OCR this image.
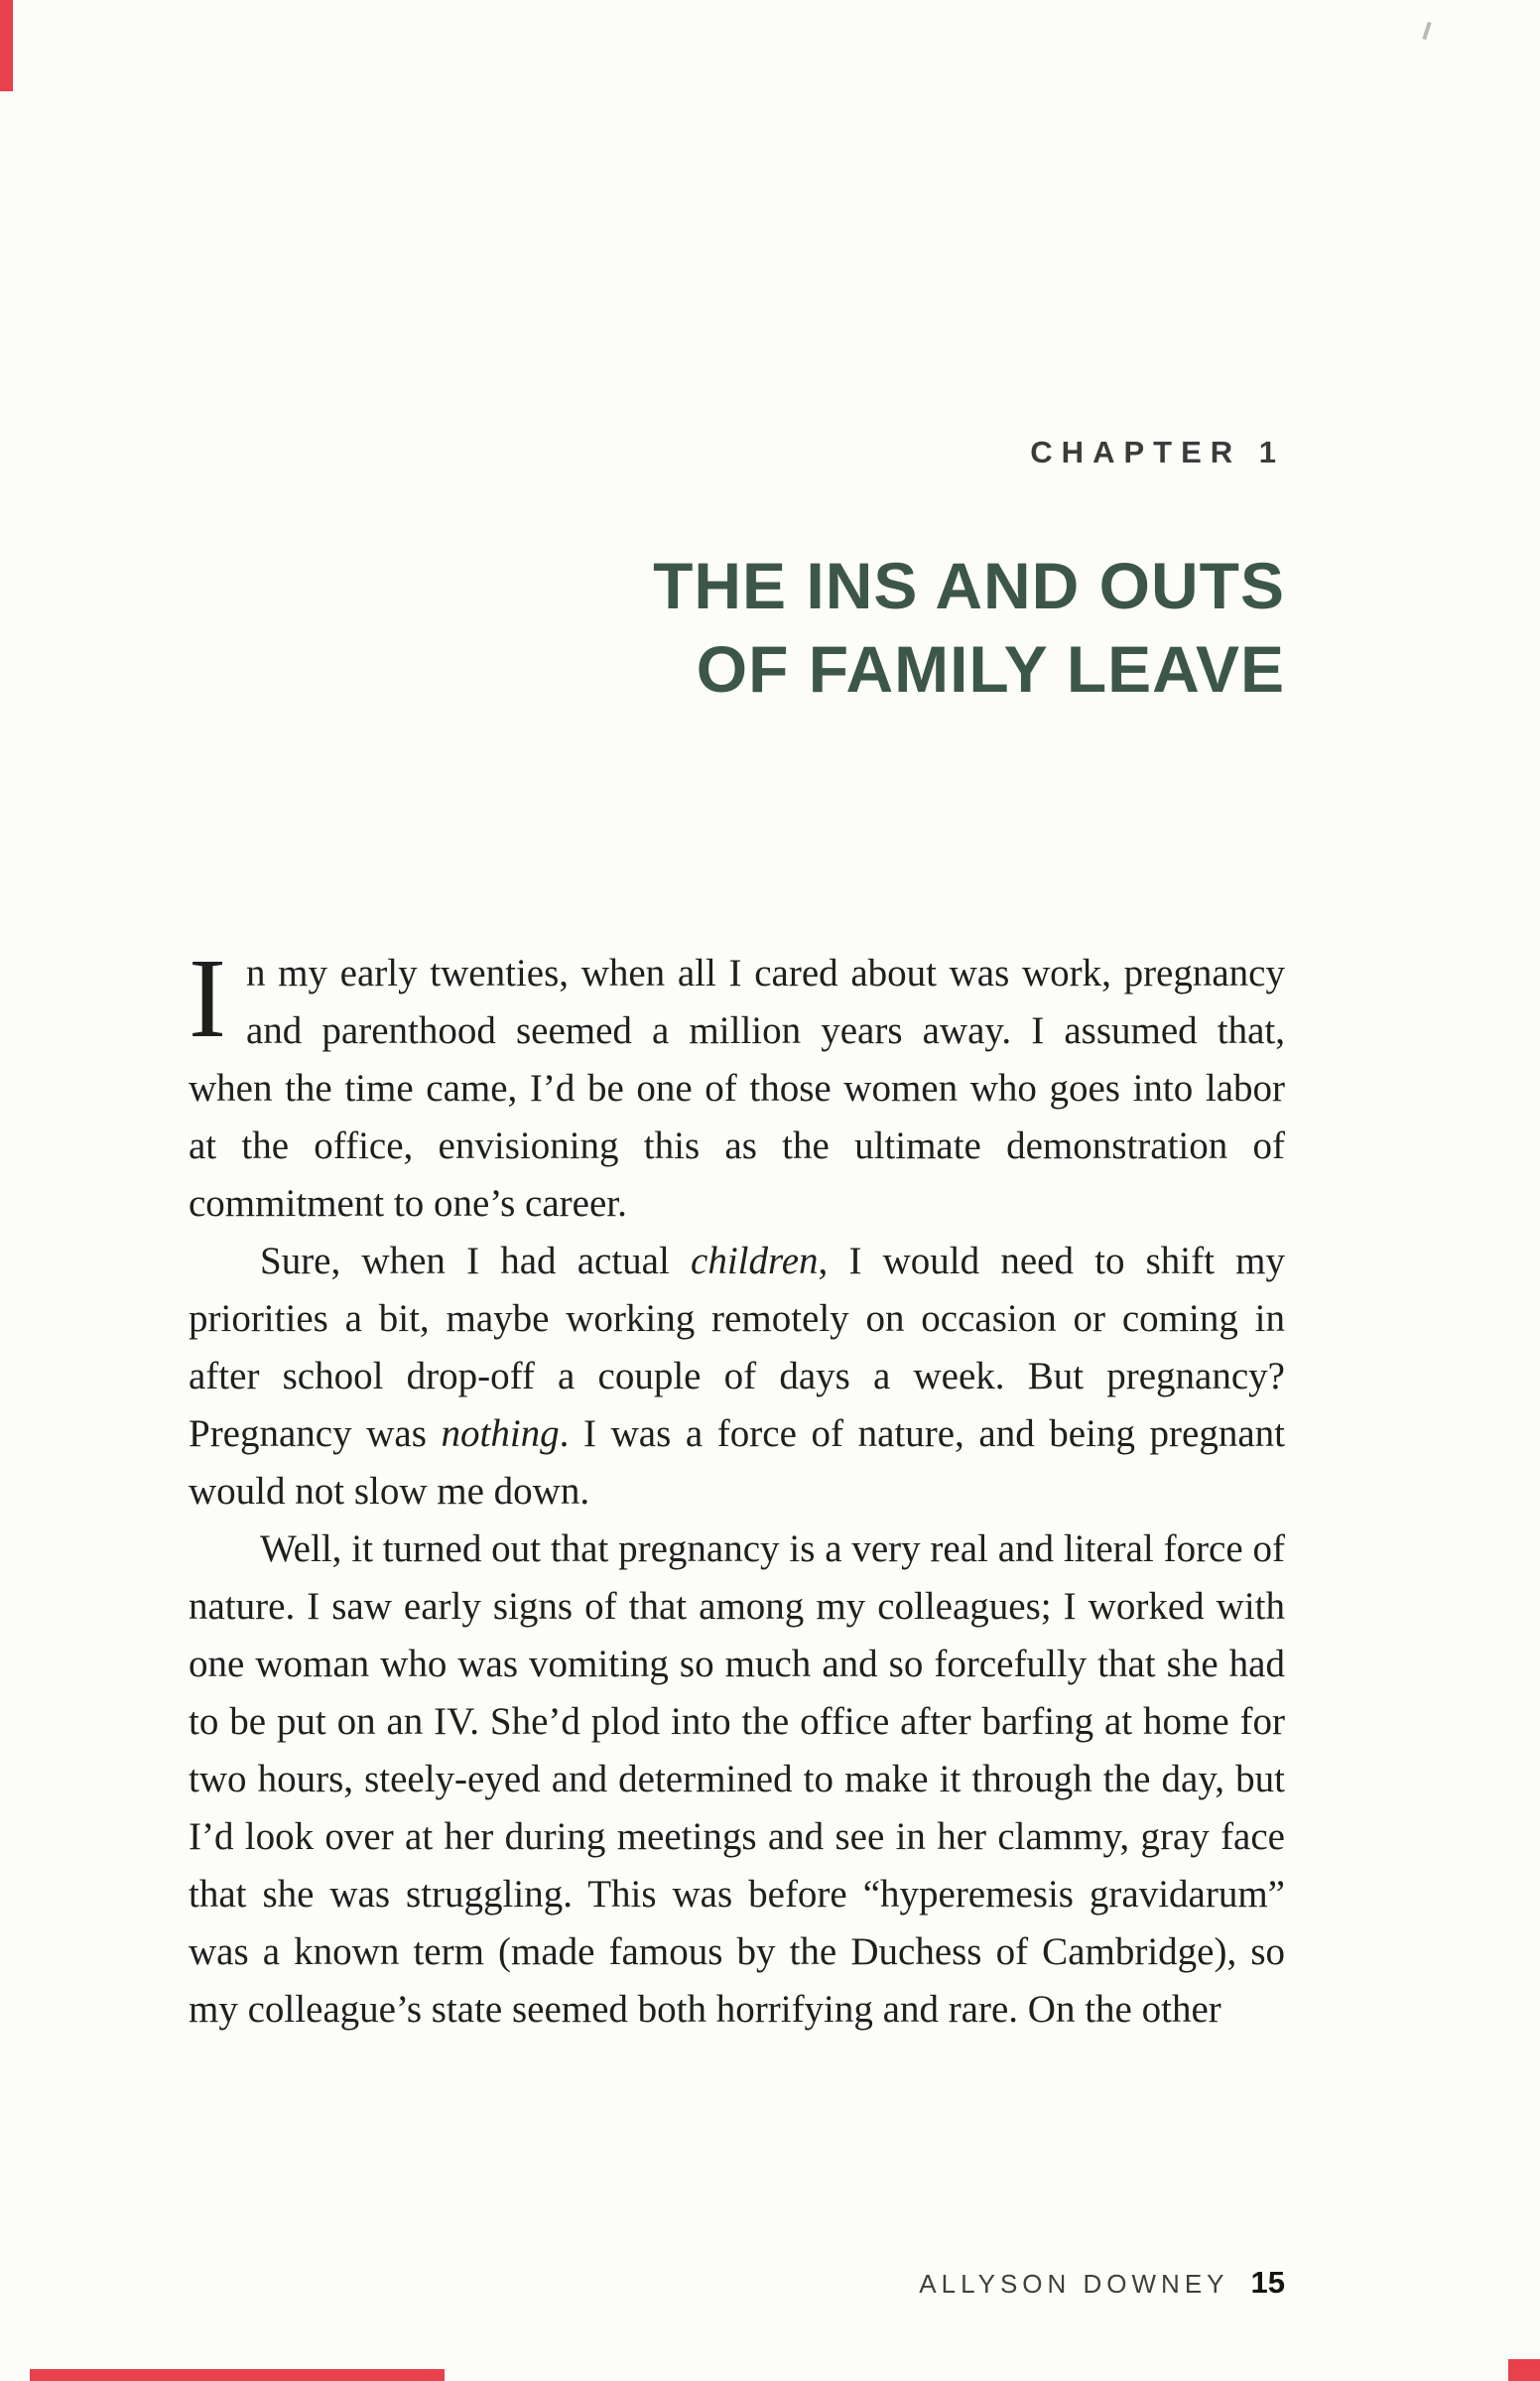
CHAPTER 1
THE INS AND OUTS
OF FAMILY LEAVE

In my early twenties, when all I cared about was work, pregnancy and parenthood seemed a million years away. I assumed that, when the time came, I’d be one of those women who goes into labor at the office, envisioning this as the ultimate demonstration of commitment to one’s career.

Sure, when I had actual children, I would need to shift my priorities a bit, maybe working remotely on occasion or coming in after school drop-off a couple of days a week. But pregnancy? Pregnancy was nothing. I was a force of nature, and being pregnant would not slow me down.

Well, it turned out that pregnancy is a very real and literal force of nature. I saw early signs of that among my colleagues; I worked with one woman who was vomiting so much and so forcefully that she had to be put on an IV. She’d plod into the office after barfing at home for two hours, steely-eyed and determined to make it through the day, but I’d look over at her during meetings and see in her clammy, gray face that she was struggling. This was before “hyperemesis gravidarum” was a known term (made famous by the Duchess of Cambridge), so my colleague’s state seemed both horrifying and rare. On the other

ALLYSON DOWNEY 15
